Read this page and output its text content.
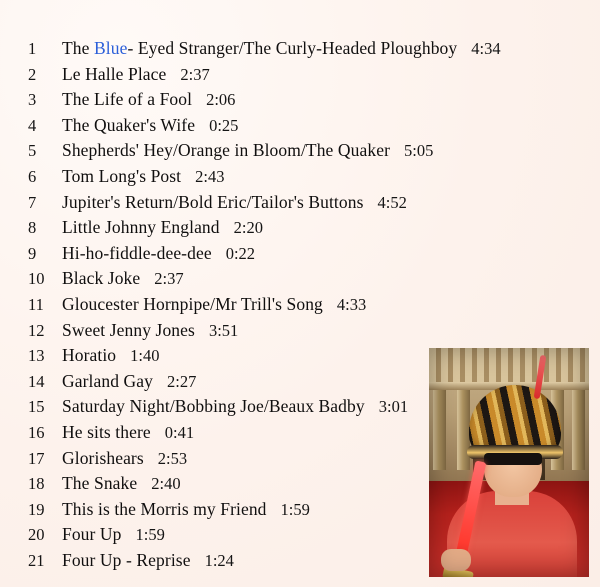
1	The Blue- Eyed Stranger/The Curly-Headed Ploughboy 4:34
2	Le Halle Place 2:37
3	The Life of a Fool 2:06
4	The Quaker's Wife 0:25
5	Shepherds' Hey/Orange in Bloom/The Quaker 5:05
6	Tom Long's Post 2:43
7	Jupiter's Return/Bold Eric/Tailor's Buttons 4:52
8	Little Johnny England 2:20
9	Hi-ho-fiddle-dee-dee 0:22
10	Black Joke 2:37
11	Gloucester Hornpipe/Mr Trill's Song 4:33
12	Sweet Jenny Jones 3:51
13	Horatio 1:40
14	Garland Gay 2:27
15	Saturday Night/Bobbing Joe/Beaux Badby 3:01
16	He sits there 0:41
17	Glorishears 2:53
18	The Snake 2:40
19	This is the Morris my Friend 1:59
20	Four Up 1:59
21	Four Up - Reprise 1:24
